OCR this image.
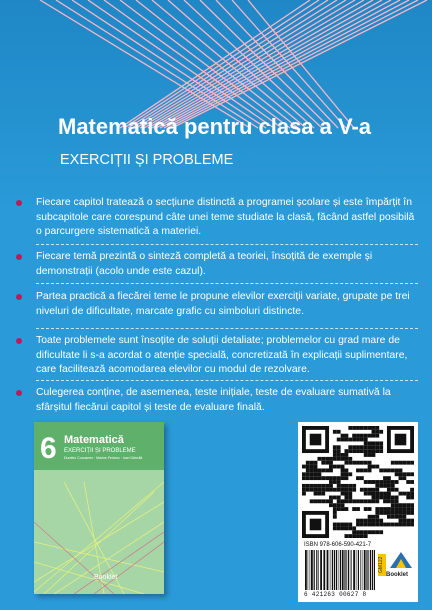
Matematică pentru clasa a V-a
EXERCIȚII ȘI PROBLEME
Fiecare capitol tratează o secțiune distinctă a programei școlare și este împărțit în subcapitole care corespund câte unei teme studiate la clasă, făcând astfel posibilă o parcurgere sistematică a materiei.
Fiecare temă prezintă o sinteză completă a teoriei, însoțită de exemple și demonstrații (acolo unde este cazul).
Partea practică a fiecărei teme le propune elevilor exerciții variate, grupate pe trei niveluri de dificultate, marcate grafic cu simboluri distincte.
Toate problemele sunt însoțite de soluții detaliate; problemelor cu grad mare de dificultate li s-a acordat o atenție specială, concretizată în explicații suplimentare, care facilitează acomodarea elevilor cu modul de rezolvare.
Culegerea conține, de asemenea, teste inițiale, teste de evaluare sumativă la sfârșitul fiecărui capitol și teste de evaluare finală.
6 Matematică
EXERCIȚII ȘI PROBLEME
Dumitru Cucoanes · Marius Perianu · Ioan Dăncilă
Booklet
ISBN 978-606-590-421-7
6 421263 00627 8
GM122
Booklet
